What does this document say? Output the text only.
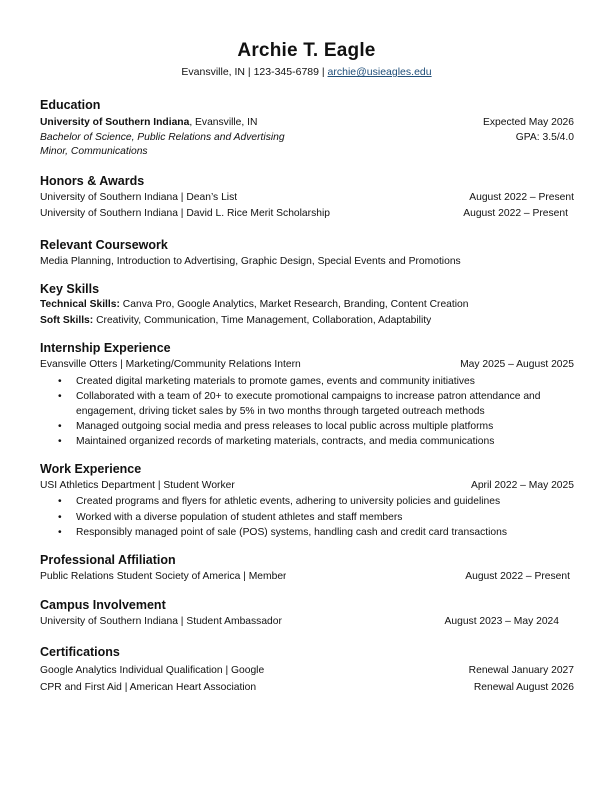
Archie T. Eagle
Evansville, IN | 123-345-6789 | archie@usieagles.edu
Education
University of Southern Indiana, Evansville, IN	Expected May 2026
Bachelor of Science, Public Relations and Advertising	GPA: 3.5/4.0
Minor, Communications
Honors & Awards
University of Southern Indiana | Dean’s List	August 2022 – Present
University of Southern Indiana | David L. Rice Merit Scholarship	August 2022 – Present
Relevant Coursework
Media Planning, Introduction to Advertising, Graphic Design, Special Events and Promotions
Key Skills
Technical Skills: Canva Pro, Google Analytics, Market Research, Branding, Content Creation
Soft Skills: Creativity, Communication, Time Management, Collaboration, Adaptability
Internship Experience
Evansville Otters | Marketing/Community Relations Intern	May 2025 – August 2025
• Created digital marketing materials to promote games, events and community initiatives
• Collaborated with a team of 20+ to execute promotional campaigns to increase patron attendance and engagement, driving ticket sales by 5% in two months through targeted outreach methods
• Managed outgoing social media and press releases to local public across multiple platforms
• Maintained organized records of marketing materials, contracts, and media communications
Work Experience
USI Athletics Department | Student Worker	April 2022 – May 2025
• Created programs and flyers for athletic events, adhering to university policies and guidelines
• Worked with a diverse population of student athletes and staff members
• Responsibly managed point of sale (POS) systems, handling cash and credit card transactions
Professional Affiliation
Public Relations Student Society of America | Member	August 2022 – Present
Campus Involvement
University of Southern Indiana | Student Ambassador	August 2023 – May 2024
Certifications
Google Analytics Individual Qualification | Google	Renewal January 2027
CPR and First Aid | American Heart Association	Renewal August 2026
